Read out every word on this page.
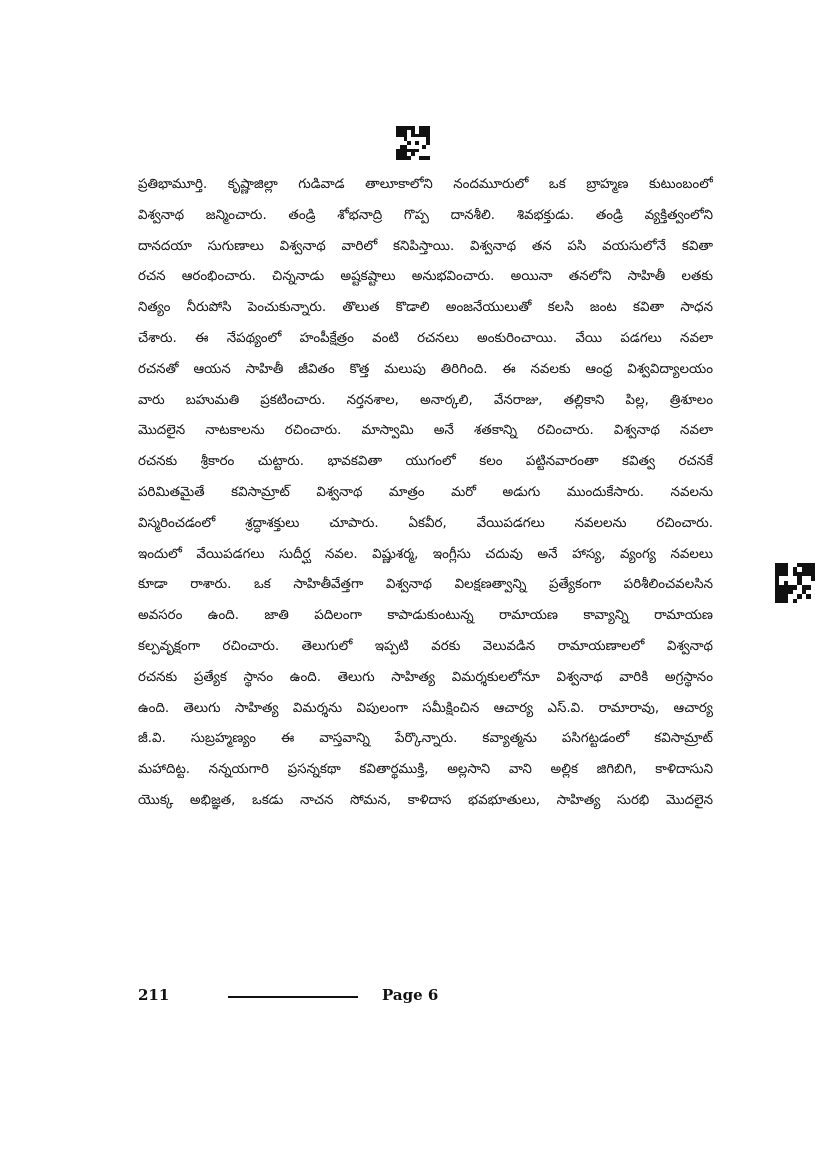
ప్రతిభామూర్తి. కృష్ణాజిల్లా గుడివాడ తాలూకాలోని నందమూరులో ఒక బ్రాహ్మణ కుటుంబంలో
విశ్వనాథ జన్మించారు. తండ్రి శోభనాద్రి గొప్ప దానశీలి. శివభక్తుడు. తండ్రి వ్యక్తిత్వంలోని
దానదయా సుగుణాలు విశ్వనాథ వారిలో కనిపిస్తాయి. విశ్వనాథ తన పసి వయసులోనే కవితా
రచన ఆరంభించారు. చిన్ననాడు అష్టకష్టాలు అనుభవించారు. అయినా తనలోని సాహితీ లతకు
నిత్యం నీరుపోసి పెంచుకున్నారు. తొలుత కొడాలి అంజనేయులుతో కలసి జంట కవితా సాధన
చేశారు. ఈ నేపథ్యంలో హంపీక్షేత్రం వంటి రచనలు అంకురించాయి. వేయి పడగలు నవలా
రచనతో ఆయన సాహితీ జీవితం కొత్త మలుపు తిరిగింది. ఈ నవలకు ఆంధ్ర విశ్వవిద్యాలయం
వారు బహుమతి ప్రకటించారు. నర్తనశాల, అనార్కలి, వేనరాజు, తల్లికాని పిల్ల, త్రిశూలం
మొదలైన నాటకాలను రచించారు. మాస్వామి అనే శతకాన్ని రచించారు. విశ్వనాథ నవలా
రచనకు శ్రీకారం చుట్టారు. భావకవితా యుగంలో కలం పట్టినవారంతా కవిత్వ రచనకే
పరిమితమైతే కవిసామ్రాట్ విశ్వనాథ మాత్రం మరో అడుగు ముందుకేసారు. నవలను
విస్మరించడంలో శ్రద్ధాశక్తులు చూపారు. ఏకవీర, వేయిపడగలు నవలలను రచించారు.
ఇందులో వేయిపడగలు సుదీర్ఘ నవల. విష్ణుశర్మ, ఇంగ్లీసు చదువు అనే హాస్య, వ్యంగ్య నవలలు
కూడా రాశారు. ఒక సాహితీవేత్తగా విశ్వనాథ విలక్షణత్వాన్ని ప్రత్యేకంగా పరిశీలించవలసిన
అవసరం ఉంది. జాతి పదిలంగా కాపాడుకుంటున్న రామాయణ కావ్యాన్ని రామాయణ
కల్పవృక్షంగా రచించారు. తెలుగులో ఇప్పటి వరకు వెలువడిన రామాయణాలలో విశ్వనాథ
రచనకు ప్రత్యేక స్థానం ఉంది. తెలుగు సాహిత్య విమర్శకులలోనూ విశ్వనాథ వారికి అగ్రస్థానం
ఉంది. తెలుగు సాహిత్య విమర్శను విపులంగా సమీక్షించిన ఆచార్య ఎస్.వి. రామారావు, ఆచార్య
జీ.వి. సుబ్రహ్మణ్యం ఈ వాస్తవాన్ని పేర్కొన్నారు. కవ్యాత్మను పసిగట్టడంలో కవిసామ్రాట్
మహాదిట్ట. నన్నయగారి ప్రసన్నకథా కవితార్థముక్తి, అల్లసాని వాని అల్లిక జిగిబిగి, కాళిదాసుని
యొక్క అభిజ్ఞత, ఒకడు నాచన సోమన, కాళిదాస భవభూతులు, సాహిత్య సురభి మొదలైన
211	Page 6
